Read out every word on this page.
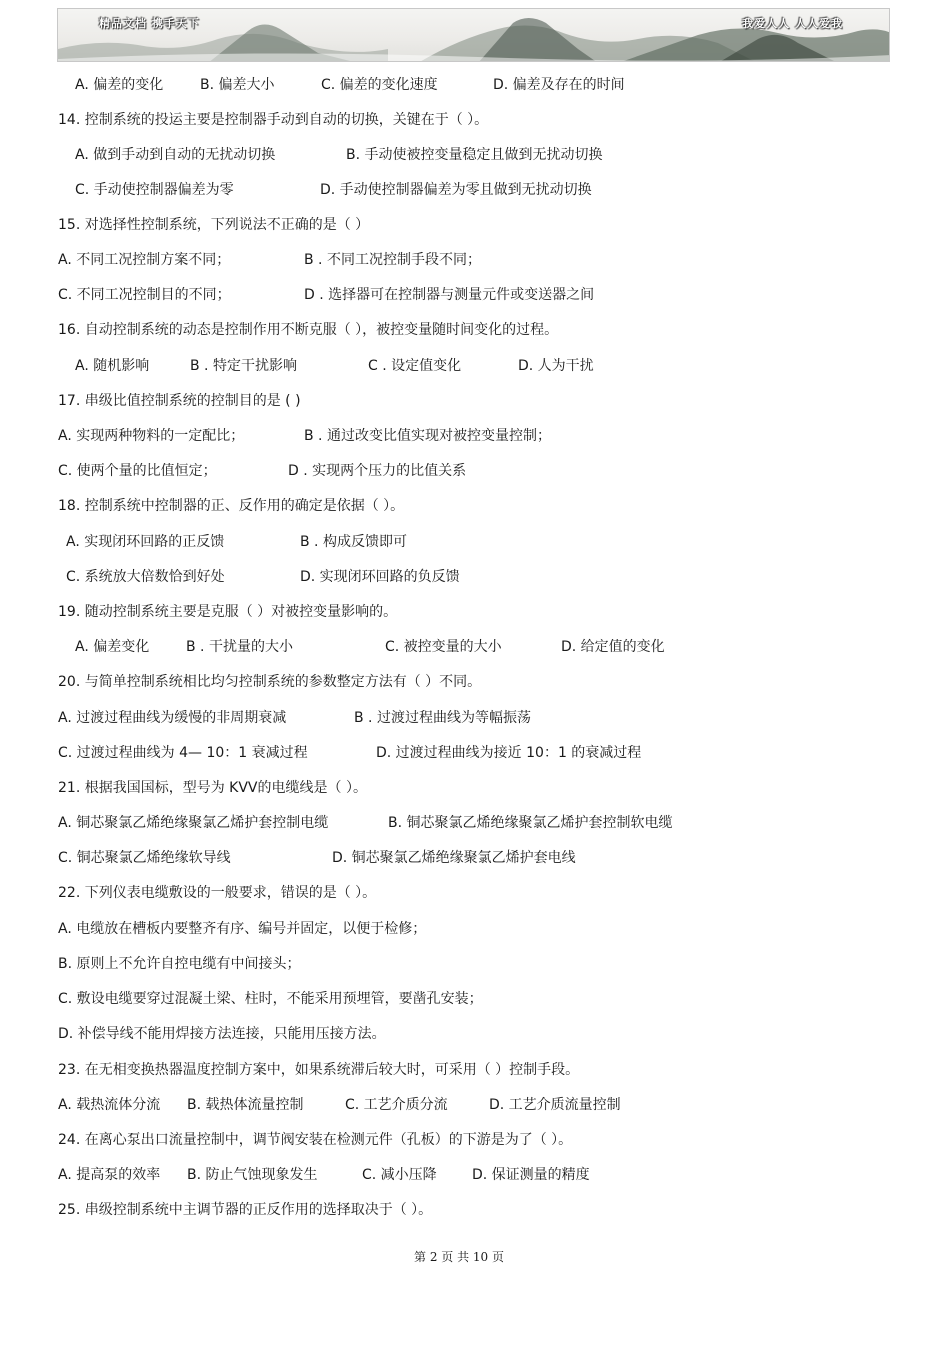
精品文档 携手天下	我爱人人 人人爱我
A. 偏差的变化	B. 偏差大小	C. 偏差的变化速度	D. 偏差及存在的时间
14. 控制系统的投运主要是控制器手动到自动的切换，关键在于（ ）。
A. 做到手动到自动的无扰动切换	B. 手动使被控变量稳定且做到无扰动切换
C. 手动使控制器偏差为零	D. 手动使控制器偏差为零且做到无扰动切换
15. 对选择性控制系统，下列说法不正确的是（ ）
A. 不同工况控制方案不同；	B . 不同工况控制手段不同；
C. 不同工况控制目的不同；	D . 选择器可在控制器与测量元件或变送器之间
16. 自动控制系统的动态是控制作用不断克服（ ），被控变量随时间变化的过程。
A. 随机影响	B . 特定干扰影响	C . 设定值变化	D. 人为干扰
17. 串级比值控制系统的控制目的是 ( )
A. 实现两种物料的一定配比；	B . 通过改变比值实现对被控变量控制；
C. 使两个量的比值恒定；	D . 实现两个压力的比值关系
18. 控制系统中控制器的正、反作用的确定是依据（ ）。
A. 实现闭环回路的正反馈	B . 构成反馈即可
C. 系统放大倍数恰到好处	D. 实现闭环回路的负反馈
19. 随动控制系统主要是克服（ ）对被控变量影响的。
A. 偏差变化	B . 干扰量的大小	C. 被控变量的大小	D. 给定值的变化
20. 与简单控制系统相比均匀控制系统的参数整定方法有（ ）不同。
A. 过渡过程曲线为缓慢的非周期衰减	B . 过渡过程曲线为等幅振荡
C. 过渡过程曲线为 4— 10：1 衰减过程	D. 过渡过程曲线为接近 10：1 的衰减过程
21. 根据我国国标，型号为 KVV的电缆线是（ ）。
A. 铜芯聚氯乙烯绝缘聚氯乙烯护套控制电缆	B. 铜芯聚氯乙烯绝缘聚氯乙烯护套控制软电缆
C. 铜芯聚氯乙烯绝缘软导线	D. 铜芯聚氯乙烯绝缘聚氯乙烯护套电线
22. 下列仪表电缆敷设的一般要求，错误的是（ ）。
A. 电缆放在槽板内要整齐有序、编号并固定，以便于检修；
B. 原则上不允许自控电缆有中间接头；
C. 敷设电缆要穿过混凝土梁、柱时，不能采用预埋管，要凿孔安装；
D. 补偿导线不能用焊接方法连接，只能用压接方法。
23. 在无相变换热器温度控制方案中，如果系统滞后较大时，可采用（ ）控制手段。
A. 载热流体分流 B. 载热体流量控制	C. 工艺介质分流	D. 工艺介质流量控制
24. 在离心泵出口流量控制中，调节阀安装在检测元件（孔板）的下游是为了（ ）。
A. 提高泵的效率 B. 防止气蚀现象发生	C. 减小压降	D. 保证测量的精度
25. 串级控制系统中主调节器的正反作用的选择取决于（ ）。
第 2 页 共 10 页
